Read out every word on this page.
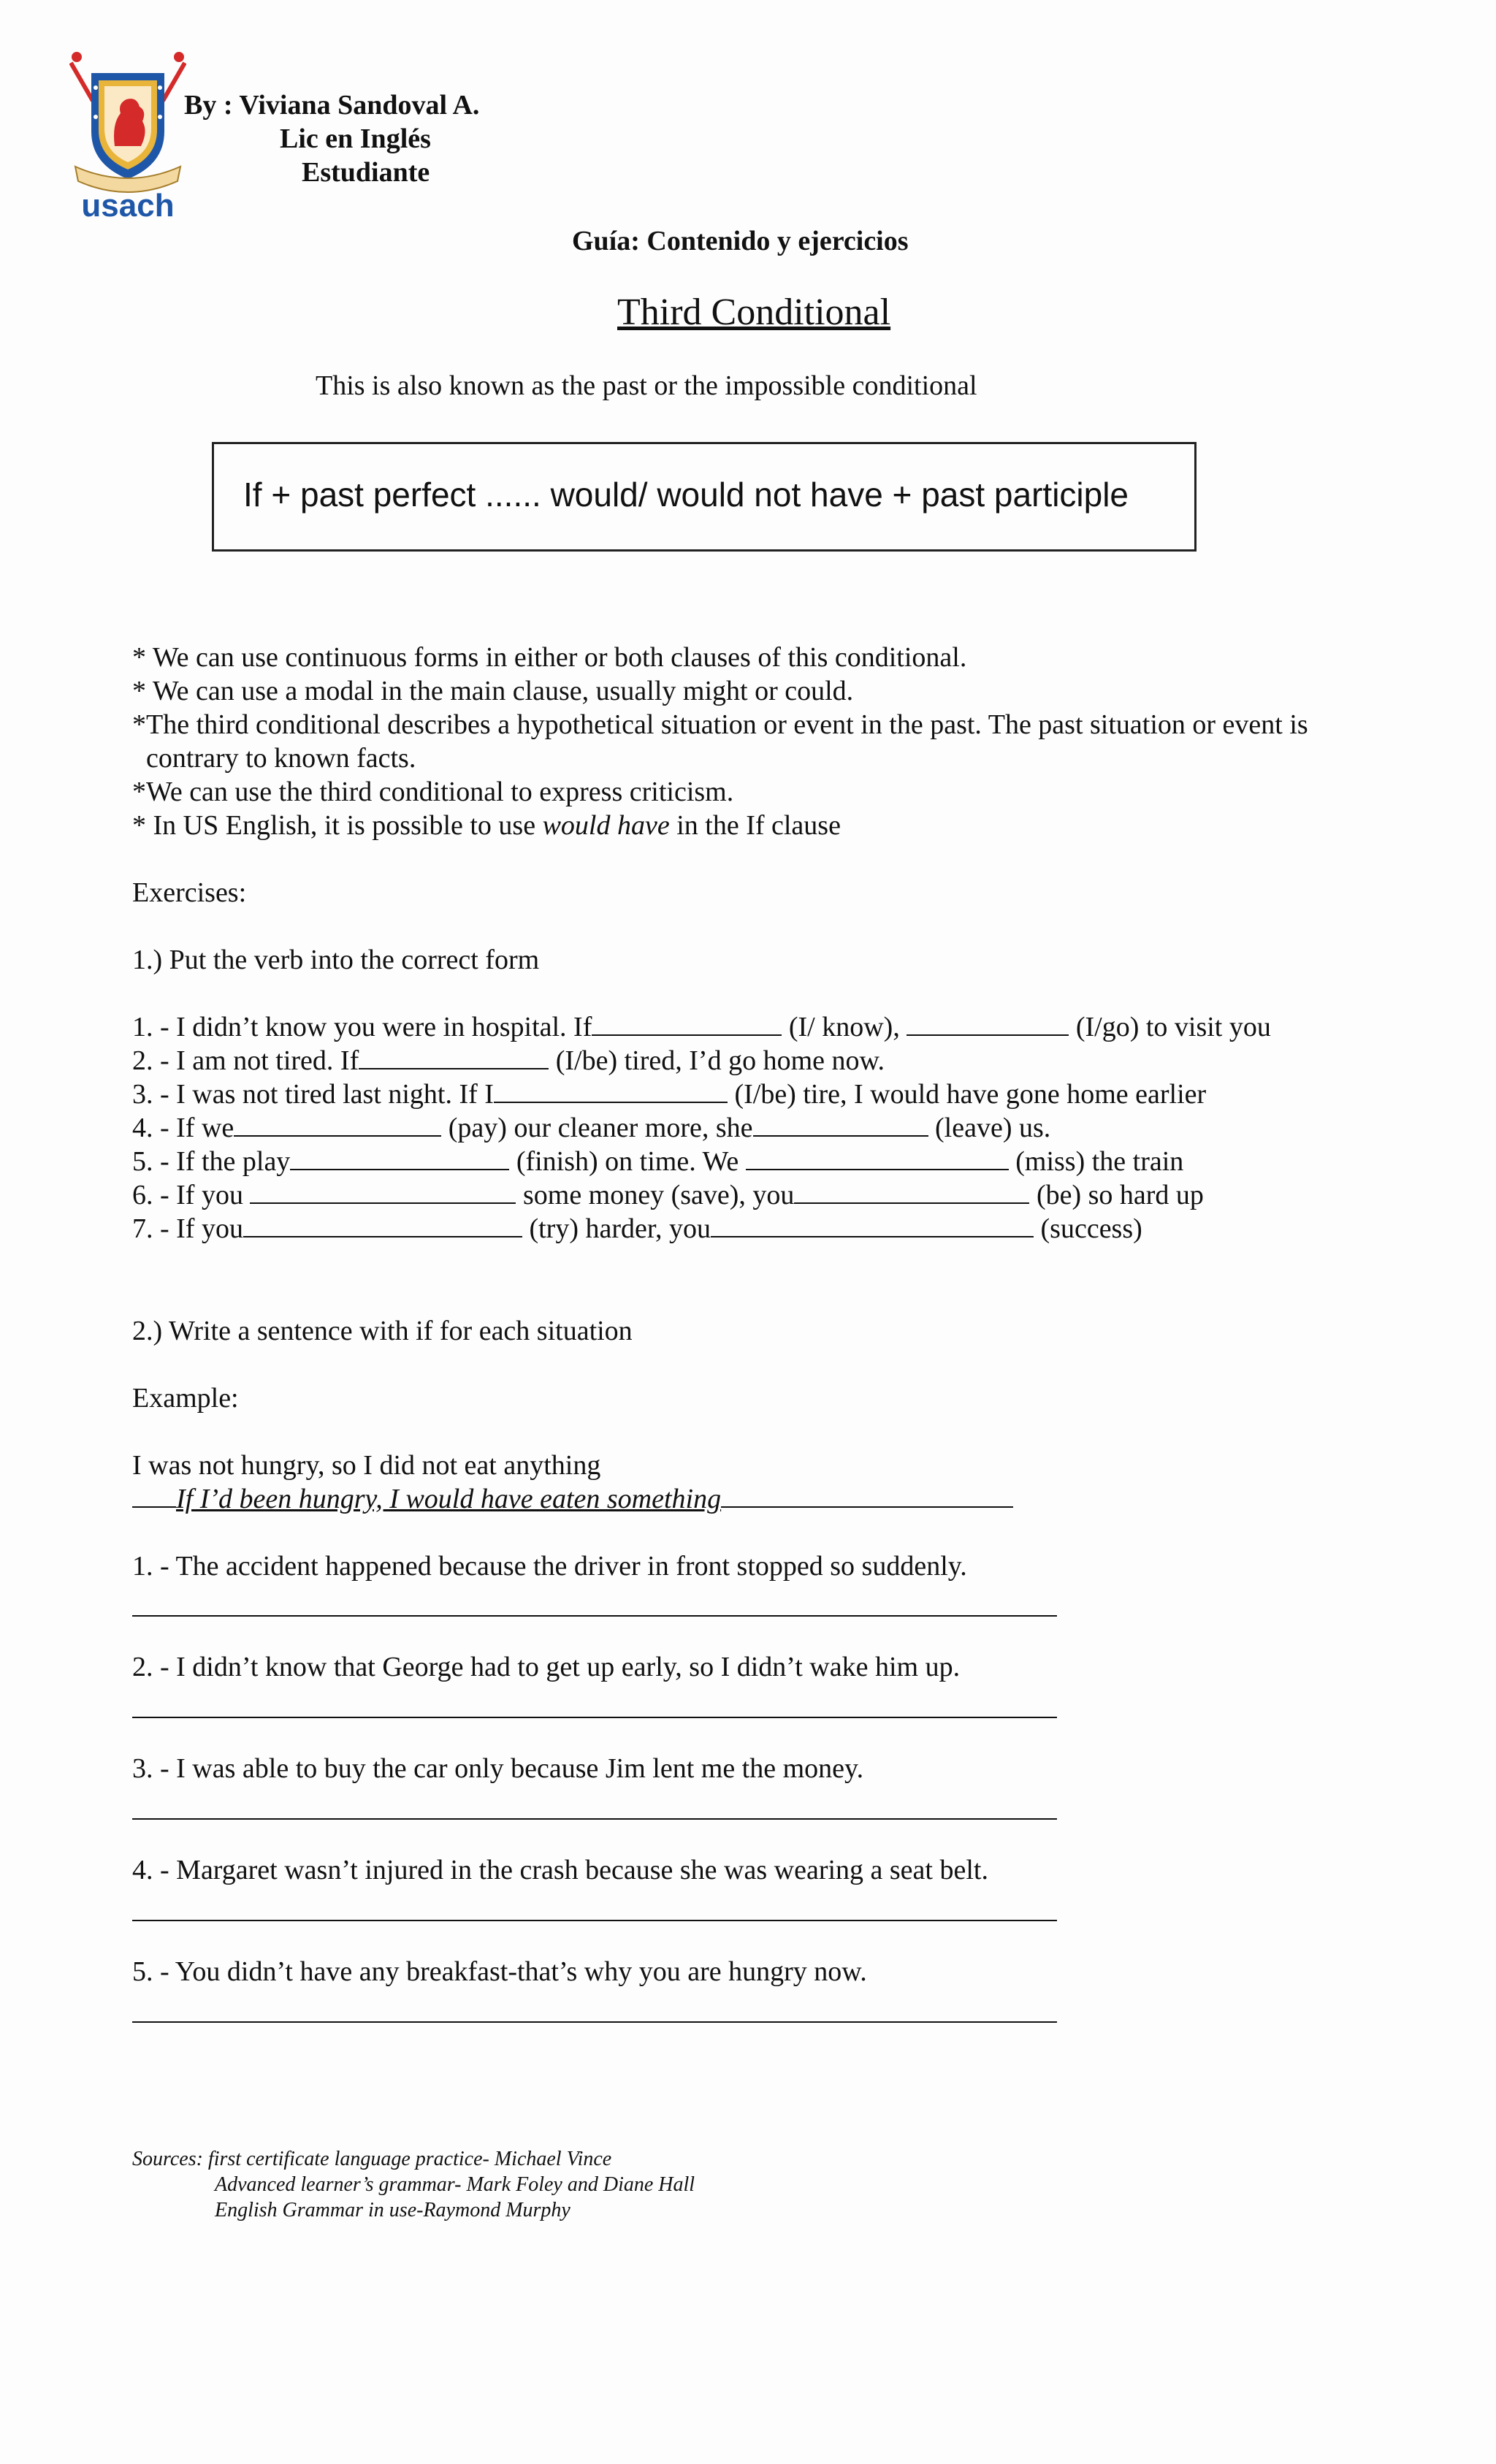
usach
By : Viviana Sandoval A.
Lic en Inglés
Estudiante
Guía: Contenido y ejercicios
Third Conditional
This is also known as the past or the impossible conditional
If + past perfect ...... would/ would not have + past participle
* We can use continuous forms in either or both clauses of this conditional.
* We can use a modal in the main clause, usually might or could.
*The third conditional describes a hypothetical situation or event in the past. The past situation or event is
contrary to known facts.
*We can use the third conditional to express criticism.
* In US English, it is possible to use would have in the If clause
Exercises:
1.) Put the verb into the correct form
1. - I didn’t know you were in hospital. If	(I/ know),	(I/go) to visit you
2. - I am not tired. If	(I/be) tired, I’d go home now.
3. - I was not tired last night. If I	(I/be) tire, I would have gone home earlier
4. - If we	(pay) our cleaner more, she	(leave) us.
5. - If the play	(finish) on time. We	(miss) the train
6. - If you	some money (save), you	(be) so hard up
7. - If you	(try) harder, you	(success)
2.) Write a sentence with if for each situation
Example:
I was not hungry, so I did not eat anything
If I’d been hungry, I would have eaten something
1. - The accident happened because the driver in front stopped so suddenly.
2. - I didn’t know that George had to get up early, so I didn’t wake him up.
3. - I was able to buy the car only because Jim lent me the money.
4. - Margaret wasn’t injured in the crash because she was wearing a seat belt.
5. - You didn’t have any breakfast-that’s why you are hungry now.
Sources: first certificate language practice- Michael Vince
Advanced learner’s grammar- Mark Foley and Diane Hall
English Grammar in use-Raymond Murphy
